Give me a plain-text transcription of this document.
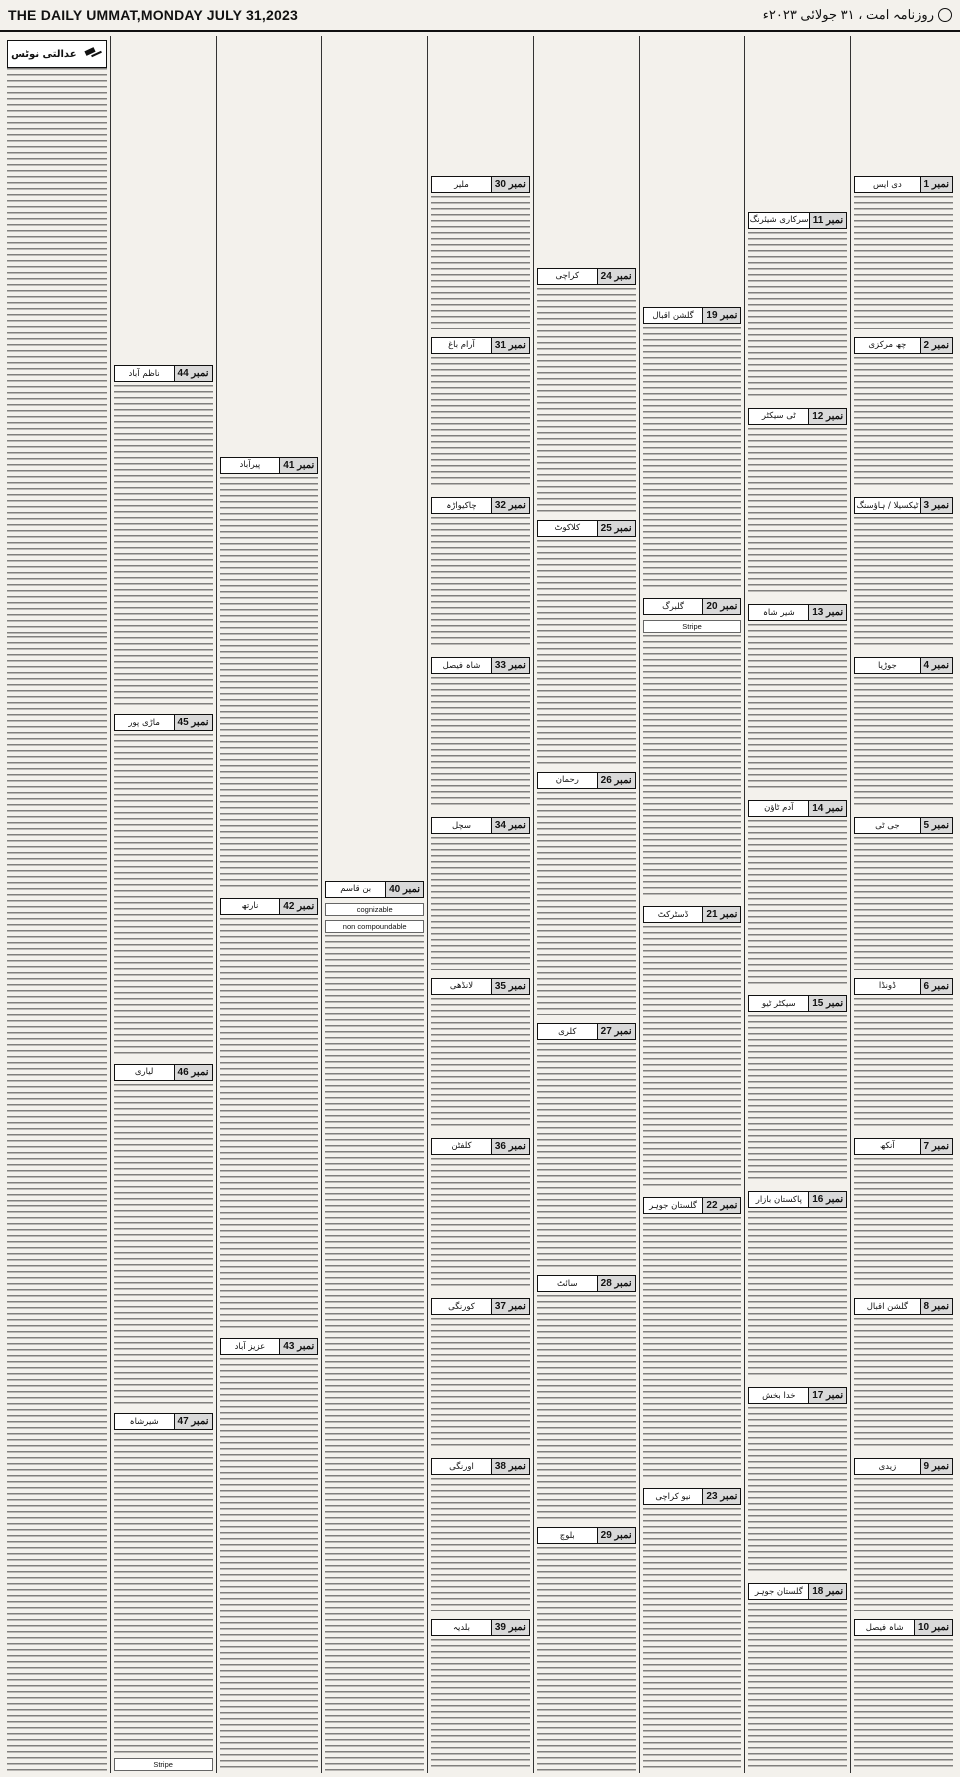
THE DAILY UMMAT,MONDAY JULY 31,2023	روزنامہ امت ، ۳۱ جولائی ۲۰۲۳ء
نمبر 1
دی ایس
نمبر 2
چھ مرکزی
نمبر 3
ٹیکسیلا / ہاؤسنگ
نمبر 4
جوڑیا
نمبر 5
جی ٹی
نمبر 6
ڈونڈا
نمبر 7
آنکھ
نمبر 8
گلشن اقبال
نمبر 9
زیدی
نمبر 10
شاہ فیصل
نمبر 11
سرکاری شیئرنگ
نمبر 12
ٹی سیکٹر
نمبر 13
شیر شاہ
نمبر 14
آدم ٹاؤن
نمبر 15
سیکٹر ٹیو
نمبر 16
پاکستان بازار
نمبر 17
خدا بخش
نمبر 18
گلستان جوہر
نمبر 19
گلشن اقبال
نمبر 20
گلبرگ
Stripe
نمبر 21
ڈسٹرکٹ
نمبر 22
گلستان جوہر
نمبر 23
نیو کراچی
نمبر 24
کراچی
نمبر 25
کلاکوٹ
نمبر 26
رحمان
نمبر 27
کلری
نمبر 28
سائٹ
نمبر 29
بلوچ
نمبر 30
ملیر
نمبر 31
آرام باغ
نمبر 32
چاکیواڑہ
نمبر 33
شاہ فیصل
نمبر 34
سچل
نمبر 35
لانڈھی
نمبر 36
کلفٹن
نمبر 37
کورنگی
نمبر 38
اورنگی
نمبر 39
بلدیہ
نمبر 40
بن قاسم
cognizable
non compoundable
نمبر 41
پیرآباد
نمبر 42
نارتھ
نمبر 43
عزیز آباد
نمبر 44
ناظم آباد
نمبر 45
ماڑی پور
نمبر 46
لیاری
نمبر 47
شیرشاہ
Stripe
عدالتی نوٹس
